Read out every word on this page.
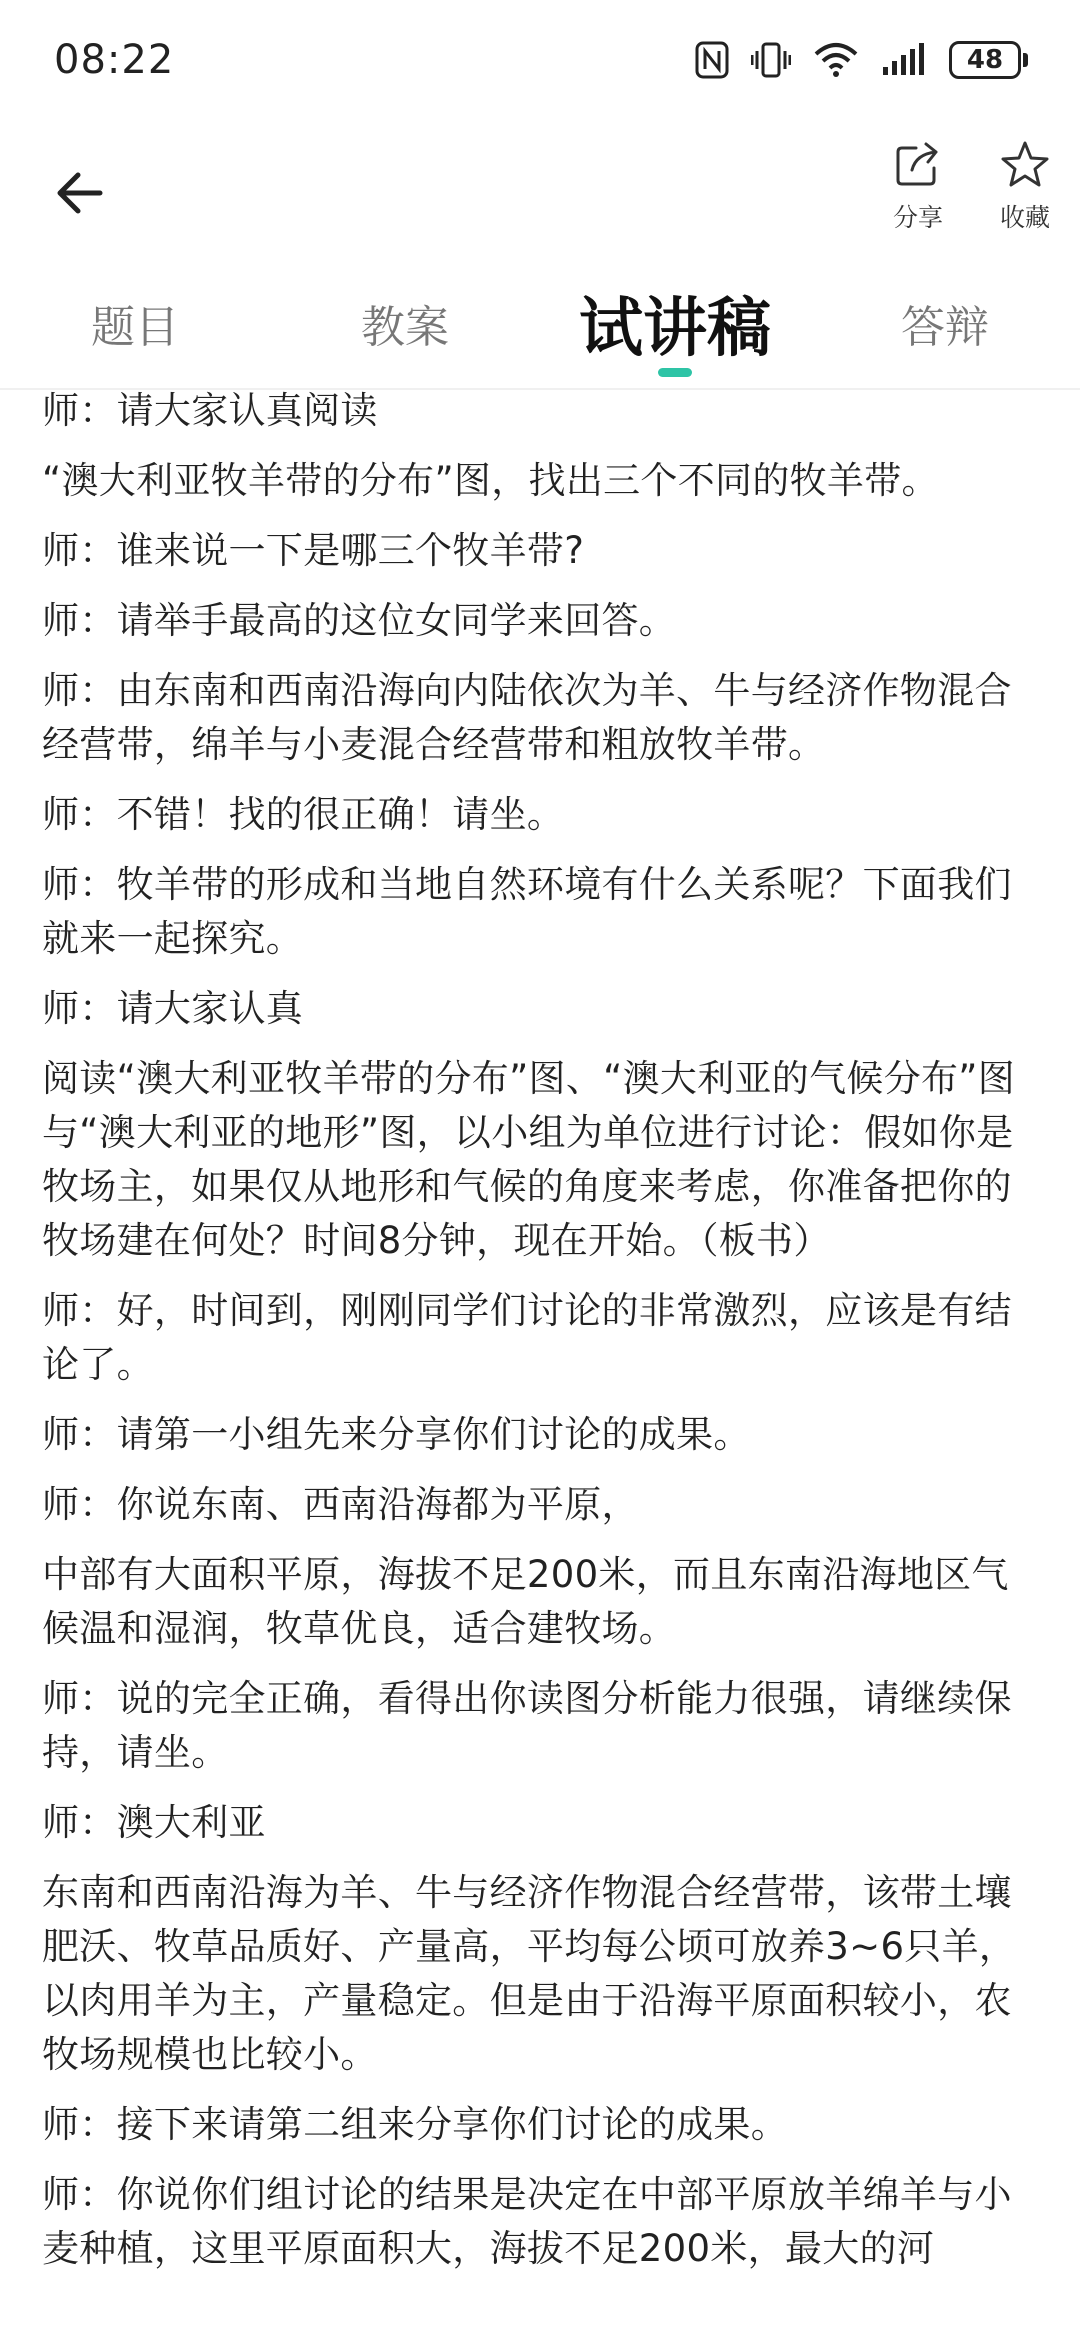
08:22	48
分享 收藏
题目	教案	试讲稿	答辩

师：请大家认真阅读

“澳大利亚牧羊带的分布”图，找出三个不同的牧羊带。

师：谁来说一下是哪三个牧羊带?

师：请举手最高的这位女同学来回答。

师：由东南和西南沿海向内陆依次为羊、牛与经济作物混合经营带，绵羊与小麦混合经营带和粗放牧羊带。

师：不错！找的很正确！请坐。

师：牧羊带的形成和当地自然环境有什么关系呢？下面我们就来一起探究。

师：请大家认真

阅读“澳大利亚牧羊带的分布”图、“澳大利亚的气候分布”图与“澳大利亚的地形”图，以小组为单位进行讨论：假如你是牧场主，如果仅从地形和气候的角度来考虑，你准备把你的牧场建在何处？时间8分钟，现在开始。（板书）

师：好，时间到，刚刚同学们讨论的非常激烈，应该是有结论了。

师：请第一小组先来分享你们讨论的成果。

师：你说东南、西南沿海都为平原，

中部有大面积平原，海拔不足200米，而且东南沿海地区气候温和湿润，牧草优良，适合建牧场。

师：说的完全正确，看得出你读图分析能力很强，请继续保持，请坐。

师：澳大利亚

东南和西南沿海为羊、牛与经济作物混合经营带，该带土壤肥沃、牧草品质好、产量高，平均每公顷可放养3~6只羊，以肉用羊为主，产量稳定。但是由于沿海平原面积较小，农牧场规模也比较小。

师：接下来请第二组来分享你们讨论的成果。

师：你说你们组讨论的结果是决定在中部平原放羊绵羊与小麦种植，这里平原面积大，海拔不足200米，最大的河
